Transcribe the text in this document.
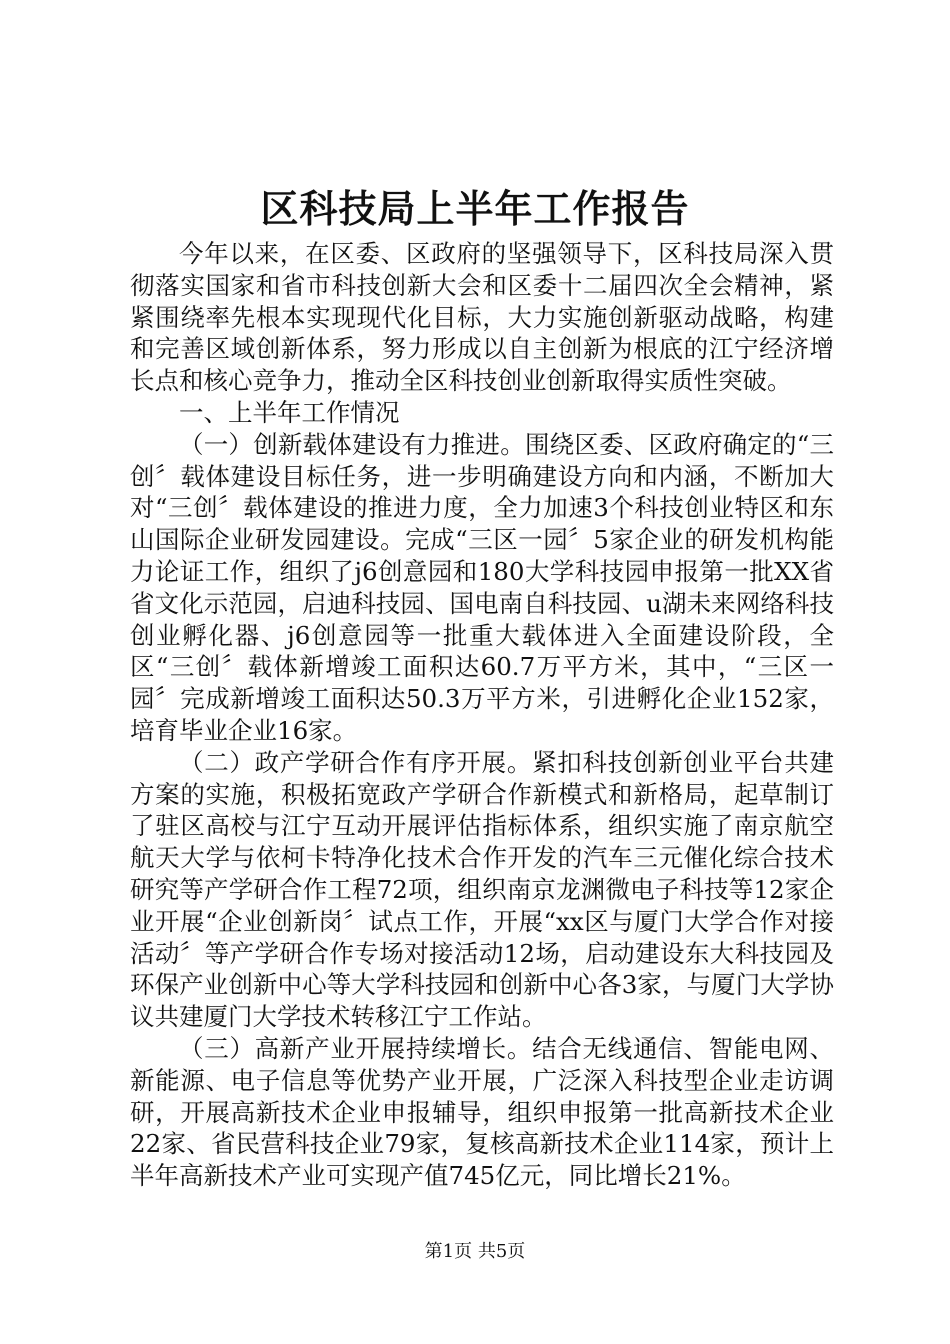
区科技局上半年工作报告

今年以来，在区委、区政府的坚强领导下，区科技局深入贯彻落实国家和省市科技创新大会和区委十二届四次全会精神，紧紧围绕率先根本实现现代化目标，大力实施创新驱动战略，构建和完善区域创新体系，努力形成以自主创新为根底的江宁经济增长点和核心竞争力，推动全区科技创业创新取得实质性突破。

一、上半年工作情况

（一）创新载体建设有力推进。围绕区委、区政府确定的“三创〞载体建设目标任务，进一步明确建设方向和内涵，不断加大对“三创〞载体建设的推进力度，全力加速3个科技创业特区和东山国际企业研发园建设。完成“三区一园〞5家企业的研发机构能力论证工作，组织了j6创意园和180大学科技园申报第一批XX省省文化示范园，启迪科技园、国电南自科技园、u湖未来网络科技创业孵化器、j6创意园等一批重大载体进入全面建设阶段，全区“三创〞载体新增竣工面积达60.7万平方米，其中，“三区一园〞完成新增竣工面积达50.3万平方米，引进孵化企业152家，培育毕业企业16家。

（二）政产学研合作有序开展。紧扣科技创新创业平台共建方案的实施，积极拓宽政产学研合作新模式和新格局，起草制订了驻区高校与江宁互动开展评估指标体系，组织实施了南京航空航天大学与依柯卡特净化技术合作开发的汽车三元催化综合技术研究等产学研合作工程72项，组织南京龙渊微电子科技等12家企业开展“企业创新岗〞试点工作，开展“xx区与厦门大学合作对接活动〞等产学研合作专场对接活动12场，启动建设东大科技园及环保产业创新中心等大学科技园和创新中心各3家，与厦门大学协议共建厦门大学技术转移江宁工作站。

（三）高新产业开展持续增长。结合无线通信、智能电网、新能源、电子信息等优势产业开展，广泛深入科技型企业走访调研，开展高新技术企业申报辅导，组织申报第一批高新技术企业22家、省民营科技企业79家，复核高新技术企业114家，预计上半年高新技术产业可实现产值745亿元，同比增长21%。

第1页 共5页
